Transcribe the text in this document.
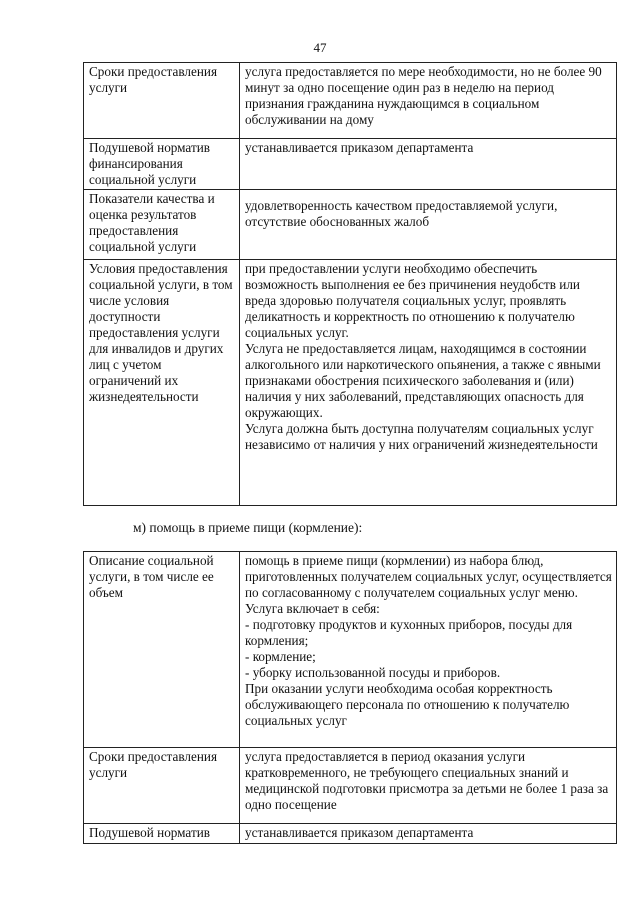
47
Сроки предоставления услуги	услуга предоставляется по мере необходимости, но не более 90 минут за одно посещение один раз в неделю на период признания гражданина нуждающимся в социальном обслуживании на дому

Подушевой норматив финансирования социальной услуги	устанавливается приказом департамента

Показатели качества и оценка результатов предоставления социальной услуги	удовлетворенность качеством предоставляемой услуги, отсутствие обоснованных жалоб

Условия предоставления социальной услуги, в том числе условия доступности предоставления услуги для инвалидов и других лиц с учетом ограничений их жизнедеятельности	при предоставлении услуги необходимо обеспечить возможность выполнения ее без причинения неудобств или вреда здоровью получателя социальных услуг, проявлять деликатность и корректность по отношению к получателю социальных услуг.
Услуга не предоставляется лицам, находящимся в состоянии алкогольного или наркотического опьянения, а также с явными признаками обострения психического заболевания и (или) наличия у них заболеваний, представляющих опасность для окружающих.
Услуга должна быть доступна получателям социальных услуг независимо от наличия у них ограничений жизнедеятельности
м) помощь в приеме пищи (кормление):
Описание социальной услуги, в том числе ее объем	помощь в приеме пищи (кормлении) из набора блюд, приготовленных получателем социальных услуг, осуществляется по согласованному с получателем социальных услуг меню. Услуга включает в себя:
- подготовку продуктов и кухонных приборов, посуды для кормления;
- кормление;
- уборку использованной посуды и приборов.
При оказании услуги необходима особая корректность обслуживающего персонала по отношению к получателю социальных услуг

Сроки предоставления услуги	услуга предоставляется в период оказания услуги кратковременного, не требующего специальных знаний и медицинской подготовки присмотра за детьми не более 1 раза за одно посещение

Подушевой норматив	устанавливается приказом департамента
